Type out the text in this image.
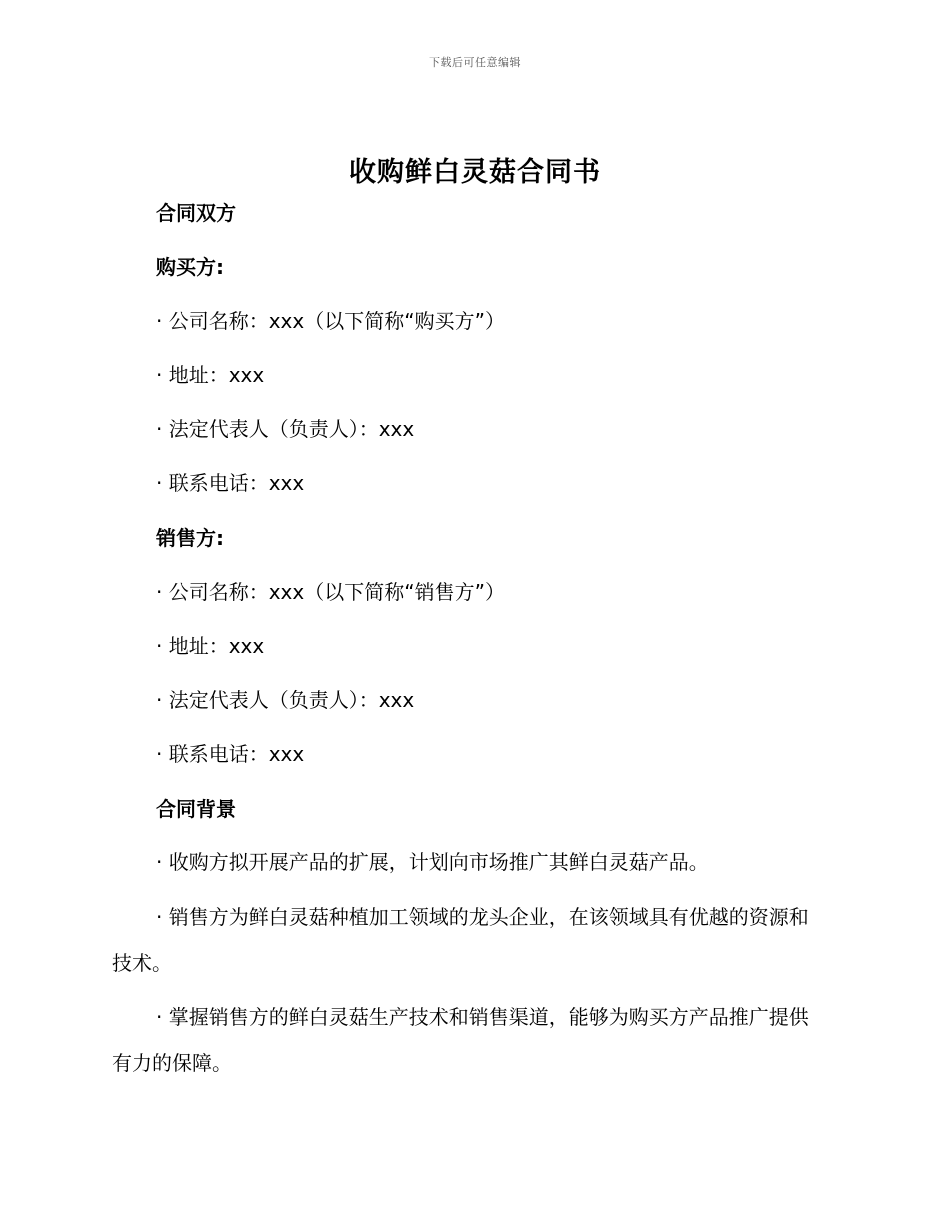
下载后可任意编辑
收购鲜白灵菇合同书
合同双方
购买方:
· 公司名称：xxx（以下简称“购买方”）
· 地址：xxx
· 法定代表人（负责人）：xxx
· 联系电话：xxx
销售方:
· 公司名称：xxx（以下简称“销售方”）
· 地址：xxx
· 法定代表人（负责人）：xxx
· 联系电话：xxx
合同背景
· 收购方拟开展产品的扩展，计划向市场推广其鲜白灵菇产品。
· 销售方为鲜白灵菇种植加工领域的龙头企业，在该领域具有优越的资源和技术。
· 掌握销售方的鲜白灵菇生产技术和销售渠道，能够为购买方产品推广提供有力的保障。
